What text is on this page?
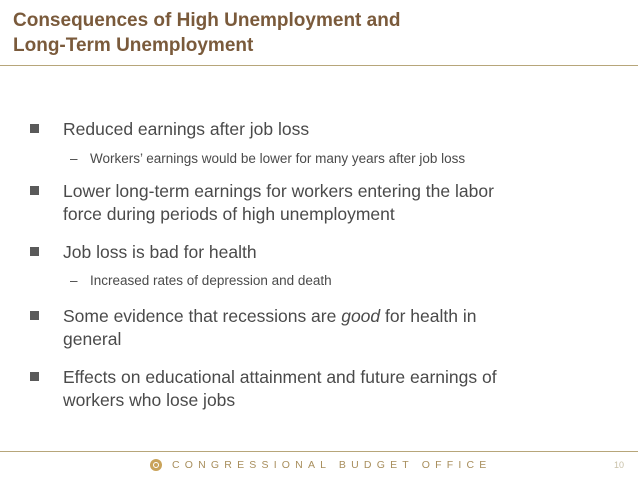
Consequences of High Unemployment and
Long-Term Unemployment
Reduced earnings after job loss
– Workers’ earnings would be lower for many years after job loss
Lower long-term earnings for workers entering the labor
force during periods of high unemployment
Job loss is bad for health
– Increased rates of depression and death
Some evidence that recessions are good for health in
general
Effects on educational attainment and future earnings of
workers who lose jobs
CONGRESSIONAL BUDGET OFFICE	10
